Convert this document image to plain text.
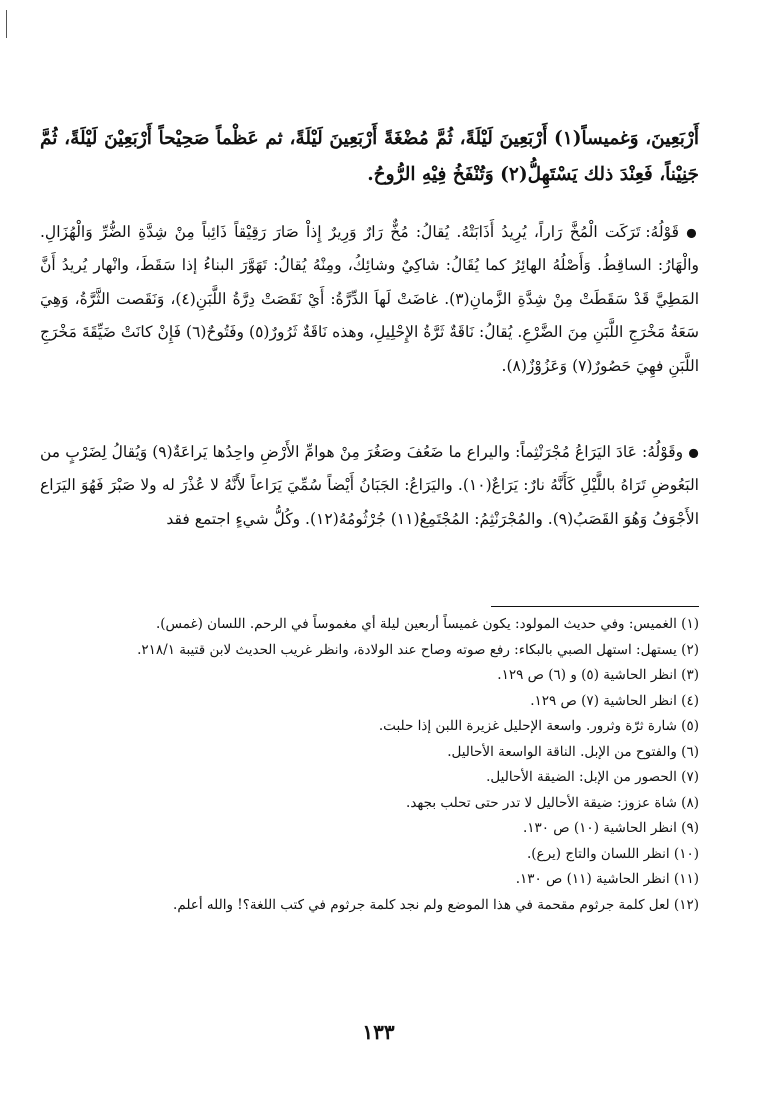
أَرْبَعِينَ، وَغميساً(١) أَرْبَعِينَ لَيْلَةً، ثُمَّ مُضْغَةً أَرْبَعِينَ لَيْلَةً، ثم عَظْماً صَحِيْحاً أَرْبَعِيْنَ لَيْلَةً، ثُمَّ جَنِيْناً، فَعِنْدَ ذلك يَسْتَهِلُّ(٢) وَتُنْفَخُ فِيْهِ الرُّوحُ.

● قَوْلُهُ: تَرَكَت الْمُخَّ رَاراً، يُرِيدُ أَذَابَتْهُ. يُقالُ: مُخٌّ رَارٌ وَرِيرٌ إِذاْ صَارَ رَقِيْقاً ذَائِباً مِنْ شِدَّةِ الضُّرِّ وَالْهُزَالِ. والْهَارُ: الساقِطُ. وَأَصْلُهُ الهائِرُ كما يُقَالُ: شاكِيٌ وشائِكُ، ومِنْهُ يُقالُ: تَهَوَّرَ البناءُ إذا سَقَطَ، وانْهار يُريدُ أَنَّ المَطِيَّ قَدْ سَقَطَتْ مِنْ شِدَّةِ الزَّمانِ(٣). غاضَتْ لَهاَ الدِّرَّةُ: أَيْ نَقَصَتْ دِرَّةُ اللَّبَنِ(٤)، وَنَقَصت الثَّرَّةُ، وَهِيَ سَعَةُ مَخْرَجِ اللَّبَنِ مِنَ الضَّرْعِ. يُقالُ: نَاقَةٌ ثَرَّةُ الإِحْلِيلِ، وهذه نَاقَةٌ ثَرُورٌ(٥) وفَتُوحٌ(٦) فَإِنْ كانَتْ ضَيِّقَةَ مَخْرَجِ اللَّبَنِ فهِيَ حَصُورٌ(٧) وَعَزُوْزٌ(٨).

● وقَوْلُهُ: عَادَ اليَرَاعُ مُجْرَنْثِماً: واليراع ما ضَعُفَ وصَغُرَ مِنْ هوامِّ الأَرْضِ واحِدُها يَراعَةٌ(٩) وَيُقالُ لِضَرْبٍ من البَعُوضِ تَرَاهُ باللَّيْلِ كَأَنَّهُ نارٌ: يَرَاعٌ(١٠). واليَرَاعُ: الجَبَانُ أَيْضاً سُمِّيَ يَرَاعاً لأَنَّهُ لا عُذْرَ له ولا صَبْرَ فَهُوَ اليَرَاع الأَجْوَفُ وَهُوَ القَصَبُ(٩). والمُجْرَنْثِمُ: المُجْتَمِعُ(١١) جُرْثُومُهُ(١٢). وكُلُّ شيءٍ اجتمع فقد

(١) الغميس: وفي حديث المولود: يكون غميساً أربعين ليلة أي مغموساً في الرحم. اللسان (غمس).
(٢) يستهل: استهل الصبي بالبكاء: رفع صوته وصاح عند الولادة، وانظر غريب الحديث لابن قتيبة ٢١٨/١.
(٣) انظر الحاشية (٥) و (٦) ص ١٢٩.
(٤) انظر الحاشية (٧) ص ١٢٩.
(٥) شارة ثرّة وثرور. واسعة الإحليل غزيرة اللبن إذا حلبت.
(٦) والفتوح من الإبل. الناقة الواسعة الأحاليل.
(٧) الحصور من الإبل: الضيقة الأحاليل.
(٨) شاة عزوز: ضيقة الأحاليل لا تدر حتى تحلب بجهد.
(٩) انظر الحاشية (١٠) ص ١٣٠.
(١٠) انظر اللسان والتاج (يرع).
(١١) انظر الحاشية (١١) ص ١٣٠.
(١٢) لعل كلمة جرثوم مقحمة في هذا الموضع ولم نجد كلمة جرثوم في كتب اللغة؟! والله أعلم.
١٣٣
